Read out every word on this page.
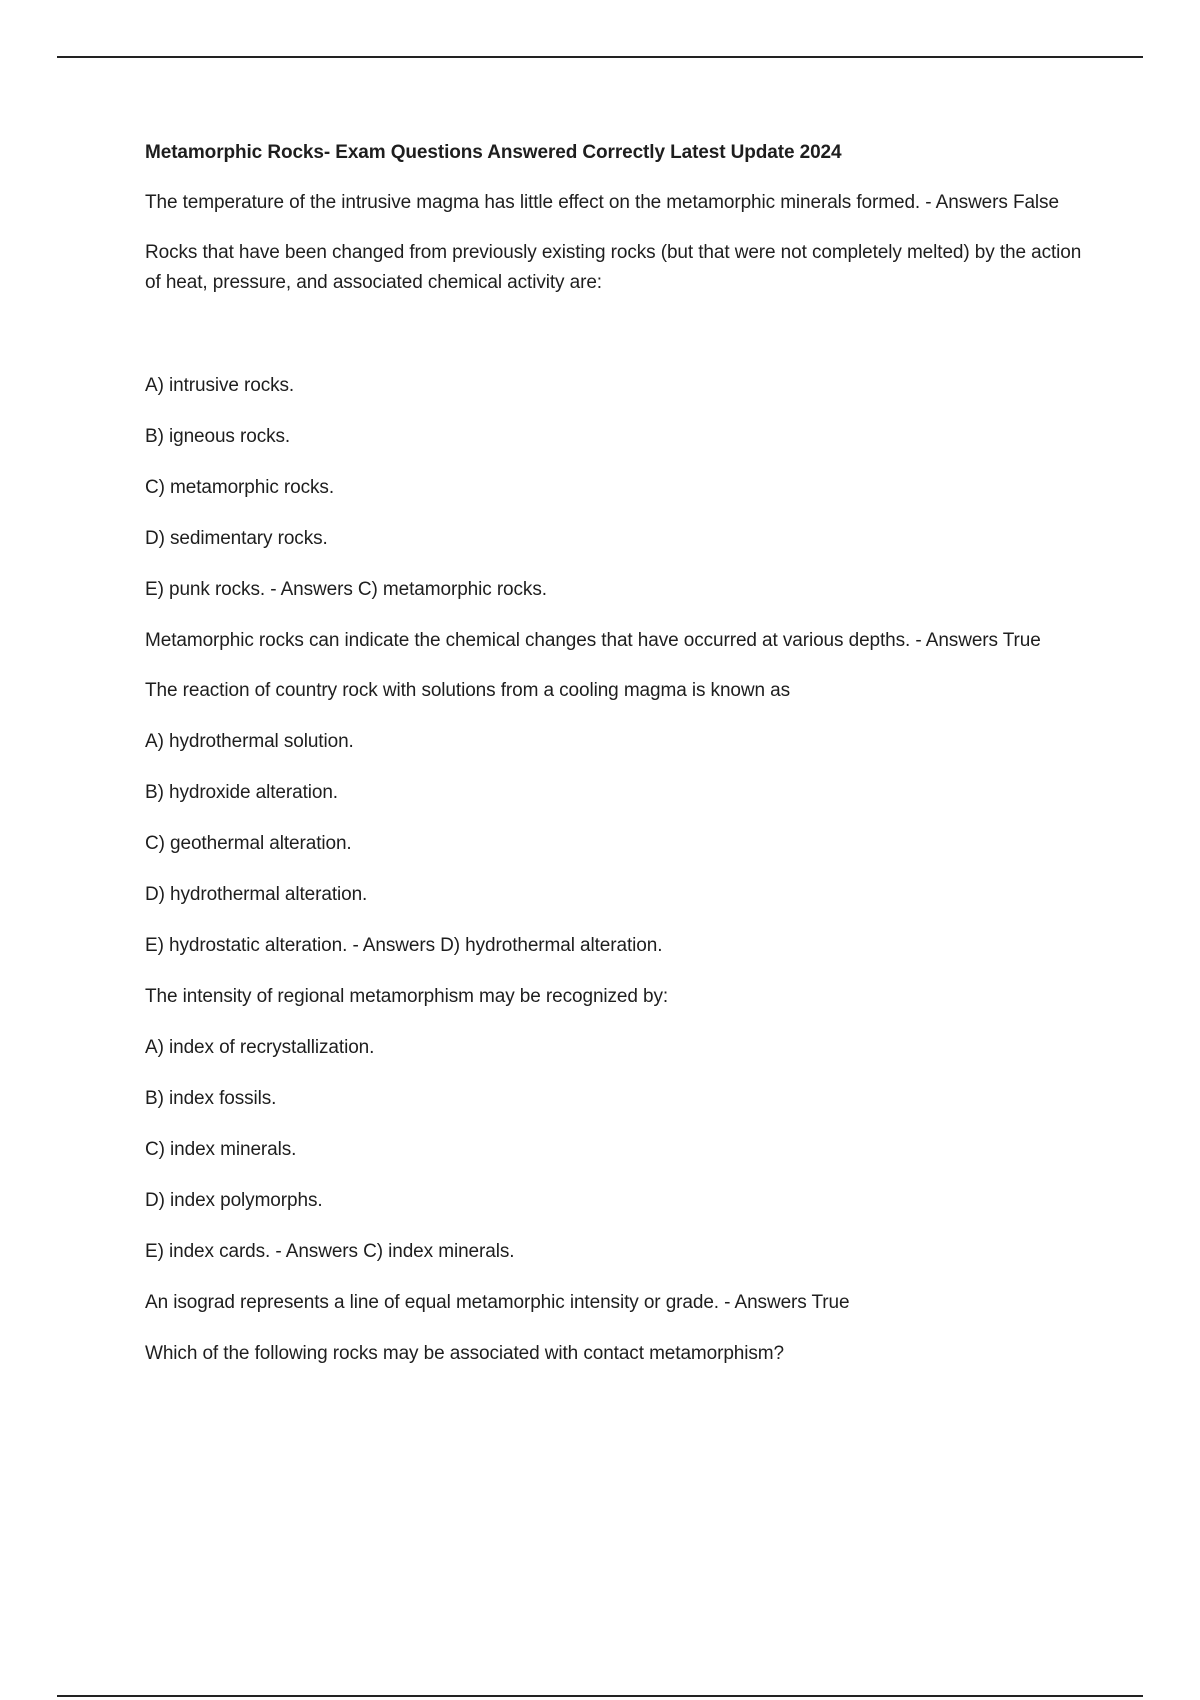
Metamorphic Rocks- Exam Questions Answered Correctly Latest Update 2024
The temperature of the intrusive magma has little effect on the metamorphic minerals formed. - Answers False
Rocks that have been changed from previously existing rocks (but that were not completely melted) by the action of heat, pressure, and associated chemical activity are:
A) intrusive rocks.
B) igneous rocks.
C) metamorphic rocks.
D) sedimentary rocks.
E) punk rocks. - Answers C) metamorphic rocks.
Metamorphic rocks can indicate the chemical changes that have occurred at various depths. - Answers True
The reaction of country rock with solutions from a cooling magma is known as
A) hydrothermal solution.
B) hydroxide alteration.
C) geothermal alteration.
D) hydrothermal alteration.
E) hydrostatic alteration. - Answers D) hydrothermal alteration.
The intensity of regional metamorphism may be recognized by:
A) index of recrystallization.
B) index fossils.
C) index minerals.
D) index polymorphs.
E) index cards. - Answers C) index minerals.
An isograd represents a line of equal metamorphic intensity or grade. - Answers True
Which of the following rocks may be associated with contact metamorphism?
